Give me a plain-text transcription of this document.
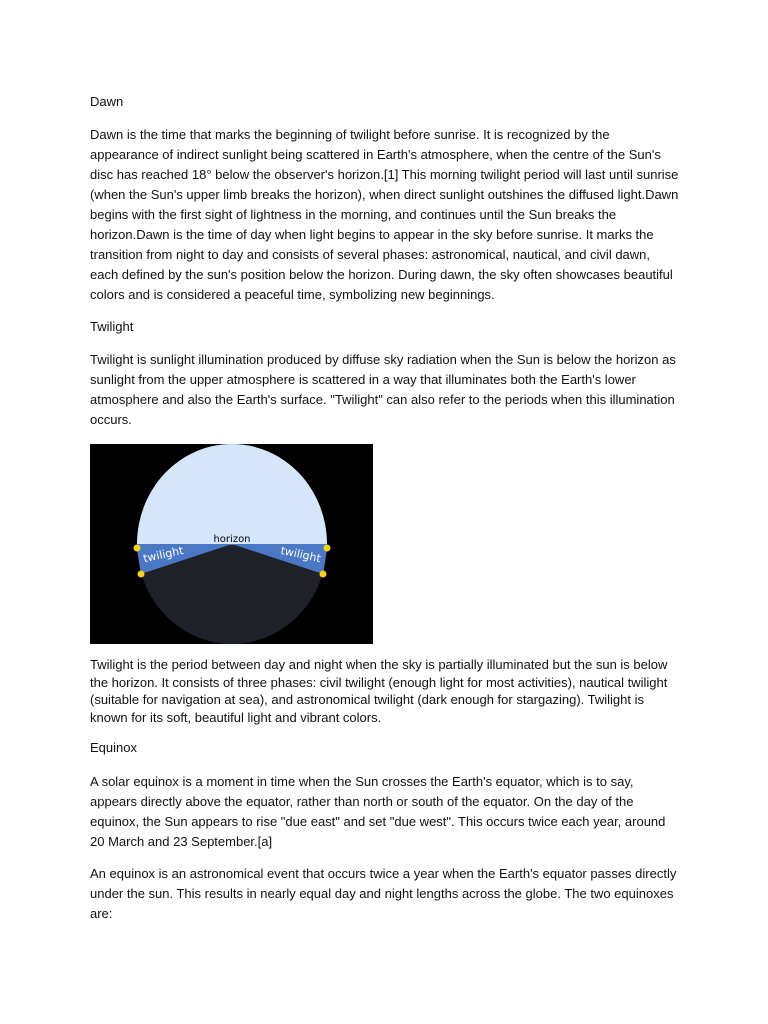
Dawn

Dawn is the time that marks the beginning of twilight before sunrise. It is recognized by the appearance of indirect sunlight being scattered in Earth's atmosphere, when the centre of the Sun's disc has reached 18° below the observer's horizon.[1] This morning twilight period will last until sunrise (when the Sun's upper limb breaks the horizon), when direct sunlight outshines the diffused light.Dawn begins with the first sight of lightness in the morning, and continues until the Sun breaks the horizon.Dawn is the time of day when light begins to appear in the sky before sunrise. It marks the transition from night to day and consists of several phases: astronomical, nautical, and civil dawn, each defined by the sun's position below the horizon. During dawn, the sky often showcases beautiful colors and is considered a peaceful time, symbolizing new beginnings.

Twilight

Twilight is sunlight illumination produced by diffuse sky radiation when the Sun is below the horizon as sunlight from the upper atmosphere is scattered in a way that illuminates both the Earth's lower atmosphere and also the Earth's surface. "Twilight" can also refer to the periods when this illumination occurs.

horizon
twilight	twilight

Twilight is the period between day and night when the sky is partially illuminated but the sun is below the horizon. It consists of three phases: civil twilight (enough light for most activities), nautical twilight (suitable for navigation at sea), and astronomical twilight (dark enough for stargazing). Twilight is known for its soft, beautiful light and vibrant colors.

Equinox

A solar equinox is a moment in time when the Sun crosses the Earth's equator, which is to say, appears directly above the equator, rather than north or south of the equator. On the day of the equinox, the Sun appears to rise "due east" and set "due west". This occurs twice each year, around 20 March and 23 September.[a]

An equinox is an astronomical event that occurs twice a year when the Earth's equator passes directly under the sun. This results in nearly equal day and night lengths across the globe. The two equinoxes are:
